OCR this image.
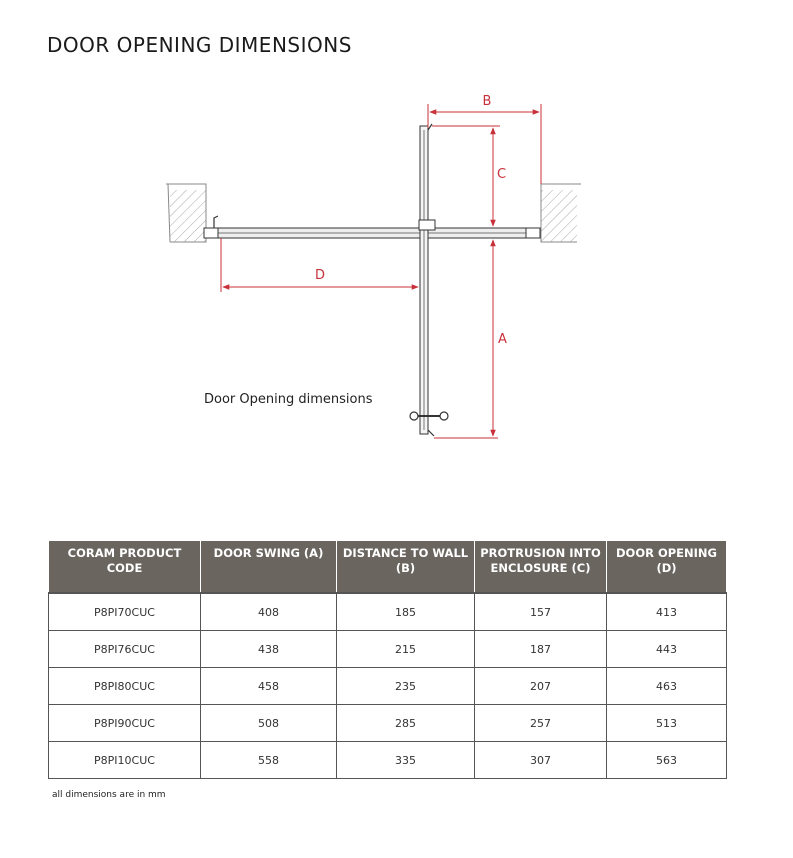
DOOR OPENING DIMENSIONS
B
C
A
D
Door Opening dimensions
CORAM PRODUCT CODE	DOOR SWING (A)	DISTANCE TO WALL (B)	PROTRUSION INTO ENCLOSURE (C)	DOOR OPENING (D)
P8PI70CUC	408	185	157	413
P8PI76CUC	438	215	187	443
P8PI80CUC	458	235	207	463
P8PI90CUC	508	285	257	513
P8PI10CUC	558	335	307	563
all dimensions are in mm
